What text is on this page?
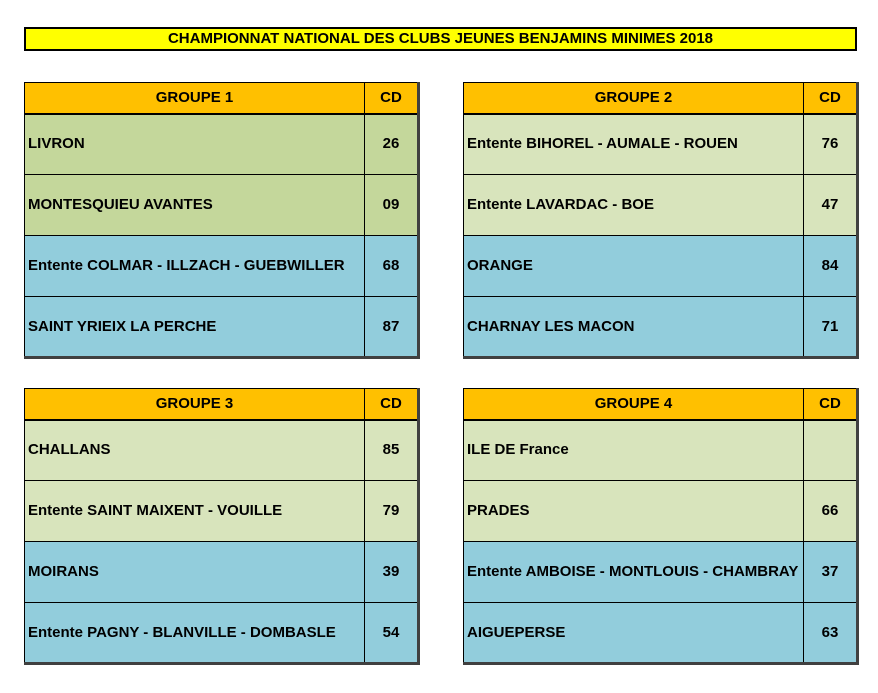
CHAMPIONNAT NATIONAL DES CLUBS JEUNES BENJAMINS MINIMES 2018
GROUPE 1	CD
LIVRON	26
MONTESQUIEU AVANTES	09
Entente COLMAR - ILLZACH - GUEBWILLER	68
SAINT YRIEIX LA PERCHE	87
GROUPE 2	CD
Entente BIHOREL - AUMALE - ROUEN	76
Entente LAVARDAC - BOE	47
ORANGE	84
CHARNAY LES MACON	71
GROUPE 3	CD
CHALLANS	85
Entente SAINT MAIXENT - VOUILLE	79
MOIRANS	39
Entente PAGNY - BLANVILLE - DOMBASLE	54
GROUPE 4	CD
ILE DE France	
PRADES	66
Entente AMBOISE - MONTLOUIS - CHAMBRAY	37
AIGUEPERSE	63
